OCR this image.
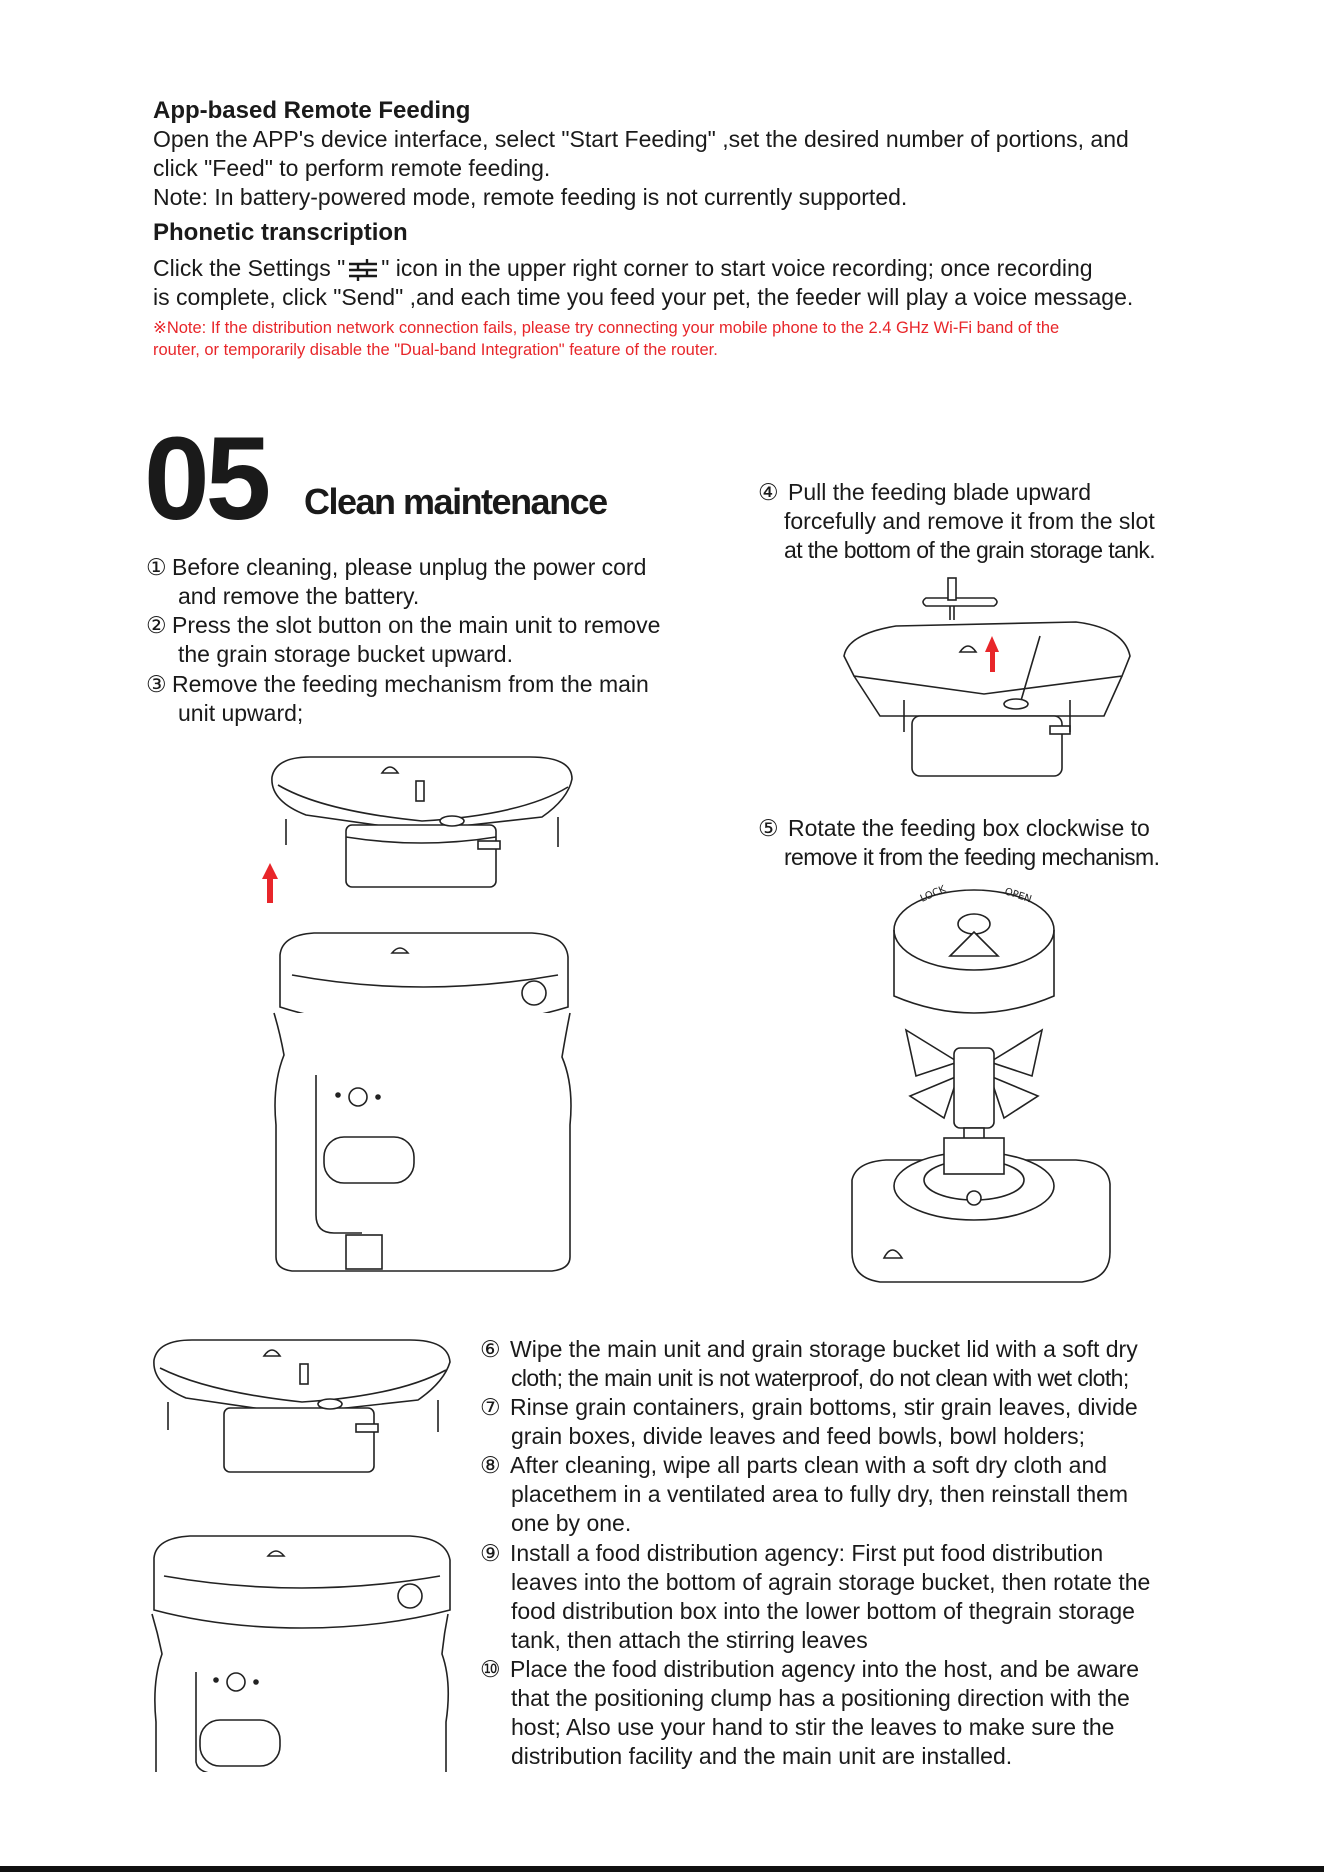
App-based Remote Feeding
Open the APP's device interface, select "Start Feeding" ,set the desired number of portions, and
click "Feed" to perform remote feeding.
Note: In battery-powered mode, remote feeding is not currently supported.
Phonetic transcription
Click the Settings " " icon in the upper right corner to start voice recording; once recording
is complete, click "Send" ,and each time you feed your pet, the feeder will play a voice message.
※Note: If the distribution network connection fails, please try connecting your mobile phone to the 2.4 GHz Wi-Fi band of the
router, or temporarily disable the "Dual-band Integration" feature of the router.
05 Clean maintenance
① Before cleaning, please unplug the power cord
and remove the battery.
② Press the slot button on the main unit to remove
the grain storage bucket upward.
③ Remove the feeding mechanism from the main
unit upward;
④ Pull the feeding blade upward
forcefully and remove it from the slot
at the bottom of the grain storage tank.
⑤ Rotate the feeding box clockwise to
remove it from the feeding mechanism.
⑥ Wipe the main unit and grain storage bucket lid with a soft dry
cloth; the main unit is not waterproof, do not clean with wet cloth;
⑦ Rinse grain containers, grain bottoms, stir grain leaves, divide
grain boxes, divide leaves and feed bowls, bowl holders;
⑧ After cleaning, wipe all parts clean with a soft dry cloth and
placethem in a ventilated area to fully dry, then reinstall them
one by one.
⑨ Install a food distribution agency: First put food distribution
leaves into the bottom of agrain storage bucket, then rotate the
food distribution box into the lower bottom of thegrain storage
tank, then attach the stirring leaves
⑩ Place the food distribution agency into the host, and be aware
that the positioning clump has a positioning direction with the
host; Also use your hand to stir the leaves to make sure the
distribution facility and the main unit are installed.
LOCK	OPEN
